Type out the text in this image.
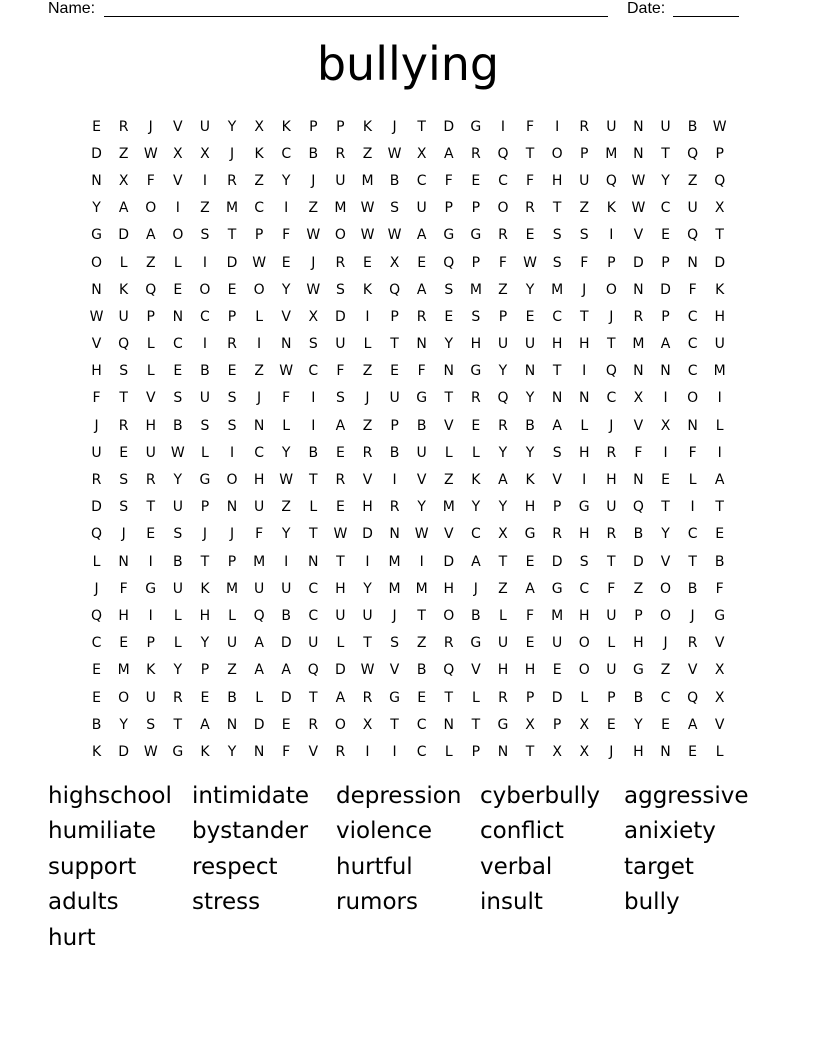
Name:	Date:
bullying
E	R	J	V	U	Y	X	K	P	P	K	J	T	D	G	I	F	I	R	U	N	U	B	W
D	Z	W	X	X	J	K	C	B	R	Z	W	X	A	R	Q	T	O	P	M	N	T	Q	P
N	X	F	V	I	R	Z	Y	J	U	M	B	C	F	E	C	F	H	U	Q	W	Y	Z	Q
Y	A	O	I	Z	M	C	I	Z	M	W	S	U	P	P	O	R	T	Z	K	W	C	U	X
G	D	A	O	S	T	P	F	W	O	W W	A	G	G	R	E	S	S	I	V	E	Q	T
O	L	Z	L	I	D	W	E	J	R	E	X	E	Q	P	F	W	S	F	P	D	P	N	D
N	K	Q	E	O	E	O	Y	W	S	K	Q	A	S	M	Z	Y	M	J	O	N	D	F	K
W	U	P	N	C	P	L	V	X	D	I	P	R	E	S	P	E	C	T	J	R	P	C	H
V	Q	L	C	I	R	I	N	S	U	L	T	N	Y	H	U	U	H	H	T	M	A	C	U
H	S	L	E	B	E	Z	W	C	F	Z	E	F	N	G	Y	N	T	I	Q	N	N	C	M
F	T	V	S	U	S	J	F	I	S	J	U	G	T	R	Q	Y	N	N	C	X	I	O	I
J	R	H	B	S	S	N	L	I	A	Z	P	B	V	E	R	B	A	L	J	V	X	N	L
U	E	U	W	L	I	C	Y	B	E	R	B	U	L	L	Y	Y	S	H	R	F	I	F	I
R	S	R	Y	G	O	H	W	T	R	V	I	V	Z	K	A	K	V	I	H	N	E	L	A
D	S	T	U	P	N	U	Z	L	E	H	R	Y	M	Y	Y	H	P	G	U	Q	T	I	T
Q	J	E	S	J	J	F	Y	T	W	D	N	W	V	C	X	G	R	H	R	B	Y	C	E
L	N	I	B	T	P	M	I	N	T	I	M	I	D	A	T	E	D	S	T	D	V	T	B
J	F	G	U	K	M	U	U	C	H	Y	M	M	H	J	Z	A	G	C	F	Z	O	B	F
Q	H	I	L	H	L	Q	B	C	U	U	J	T	O	B	L	F	M	H	U	P	O	J	G
C	E	P	L	Y	U	A	D	U	L	T	S	Z	R	G	U	E	U	O	L	H	J	R	V
E	M	K	Y	P	Z	A	A	Q	D	W	V	B	Q	V	H	H	E	O	U	G	Z	V	X
E	O	U	R	E	B	L	D	T	A	R	G	E	T	L	R	P	D	L	P	B	C	Q	X
B	Y	S	T	A	N	D	E	R	O	X	T	C	N	T	G	X	P	X	E	Y	E	A	V
K	D	W	G	K	Y	N	F	V	R	I	I	C	L	P	N	T	X	X	J	H	N	E	L
highschool intimidate	depression cyberbully	aggressive
humiliate	bystander	violence	conflict	anixiety
support	respect	hurtful	verbal	target
adults	stress	rumors	insult	bully
hurt
